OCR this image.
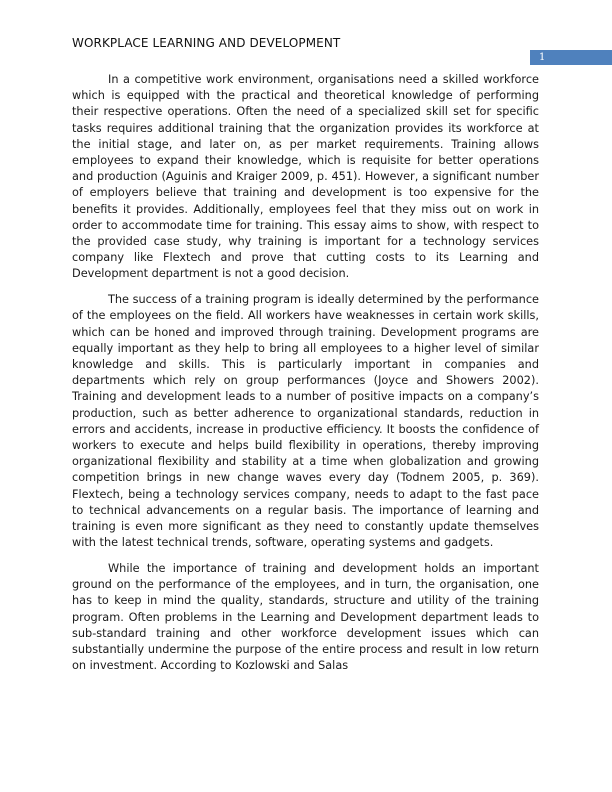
WORKPLACE LEARNING AND DEVELOPMENT
1

In a competitive work environment, organisations need a skilled workforce which is equipped with the practical and theoretical knowledge of performing their respective operations. Often the need of a specialized skill set for specific tasks requires additional training that the organization provides its workforce at the initial stage, and later on, as per market requirements. Training allows employees to expand their knowledge, which is requisite for better operations and production (Aguinis and Kraiger 2009, p. 451). However, a significant number of employers believe that training and development is too expensive for the benefits it provides. Additionally, employees feel that they miss out on work in order to accommodate time for training. This essay aims to show, with respect to the provided case study, why training is important for a technology services company like Flextech and prove that cutting costs to its Learning and Development department is not a good decision.

The success of a training program is ideally determined by the performance of the employees on the field. All workers have weaknesses in certain work skills, which can be honed and improved through training. Development programs are equally important as they help to bring all employees to a higher level of similar knowledge and skills. This is particularly important in companies and departments which rely on group performances (Joyce and Showers 2002). Training and development leads to a number of positive impacts on a company’s production, such as better adherence to organizational standards, reduction in errors and accidents, increase in productive efficiency. It boosts the confidence of workers to execute and helps build flexibility in operations, thereby improving organizational flexibility and stability at a time when globalization and growing competition brings in new change waves every day (Todnem 2005, p. 369). Flextech, being a technology services company, needs to adapt to the fast pace to technical advancements on a regular basis. The importance of learning and training is even more significant as they need to constantly update themselves with the latest technical trends, software, operating systems and gadgets.

While the importance of training and development holds an important ground on the performance of the employees, and in turn, the organisation, one has to keep in mind the quality, standards, structure and utility of the training program. Often problems in the Learning and Development department leads to sub-standard training and other workforce development issues which can substantially undermine the purpose of the entire process and result in low return on investment. According to Kozlowski and Salas
